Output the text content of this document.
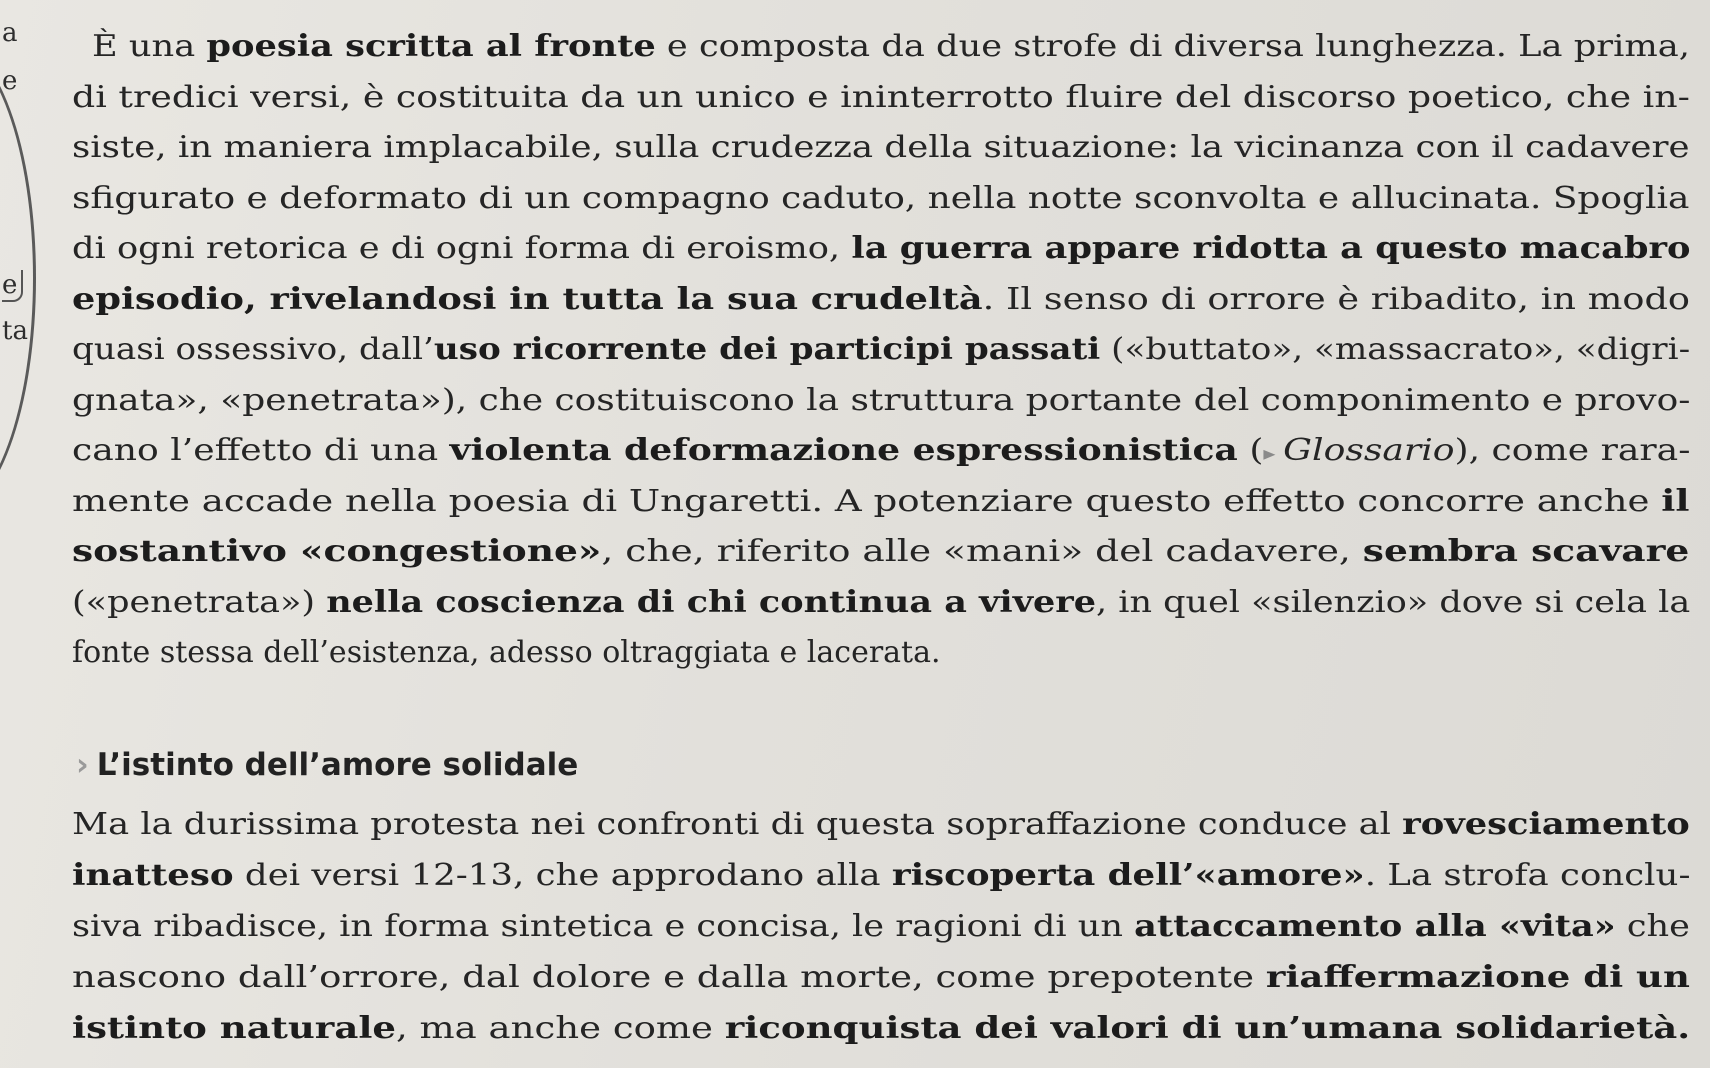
a
e
e
ta
È una poesia scritta al fronte e composta da due strofe di diversa lunghezza. La prima,
di tredici versi, è costituita da un unico e ininterrotto fluire del discorso poetico, che in-
siste, in maniera implacabile, sulla crudezza della situazione: la vicinanza con il cadavere
sfigurato e deformato di un compagno caduto, nella notte sconvolta e allucinata. Spoglia
di ogni retorica e di ogni forma di eroismo, la guerra appare ridotta a questo macabro
episodio, rivelandosi in tutta la sua crudeltà. Il senso di orrore è ribadito, in modo
quasi ossessivo, dall’uso ricorrente dei participi passati («buttato», «massacrato», «digri-
gnata», «penetrata»), che costituiscono la struttura portante del componimento e provo-
cano l’effetto di una violenta deformazione espressionistica (▸ Glossario), come rara-
mente accade nella poesia di Ungaretti. A potenziare questo effetto concorre anche il
sostantivo «congestione», che, riferito alle «mani» del cadavere, sembra scavare
(«penetrata») nella coscienza di chi continua a vivere, in quel «silenzio» dove si cela la
fonte stessa dell’esistenza, adesso oltraggiata e lacerata.
› L’istinto dell’amore solidale
Ma la durissima protesta nei confronti di questa sopraffazione conduce al rovesciamento
inatteso dei versi 12-13, che approdano alla riscoperta dell’«amore». La strofa conclu-
siva ribadisce, in forma sintetica e concisa, le ragioni di un attaccamento alla «vita» che
nascono dall’orrore, dal dolore e dalla morte, come prepotente riaffermazione di un
istinto naturale, ma anche come riconquista dei valori di un’umana solidarietà.
